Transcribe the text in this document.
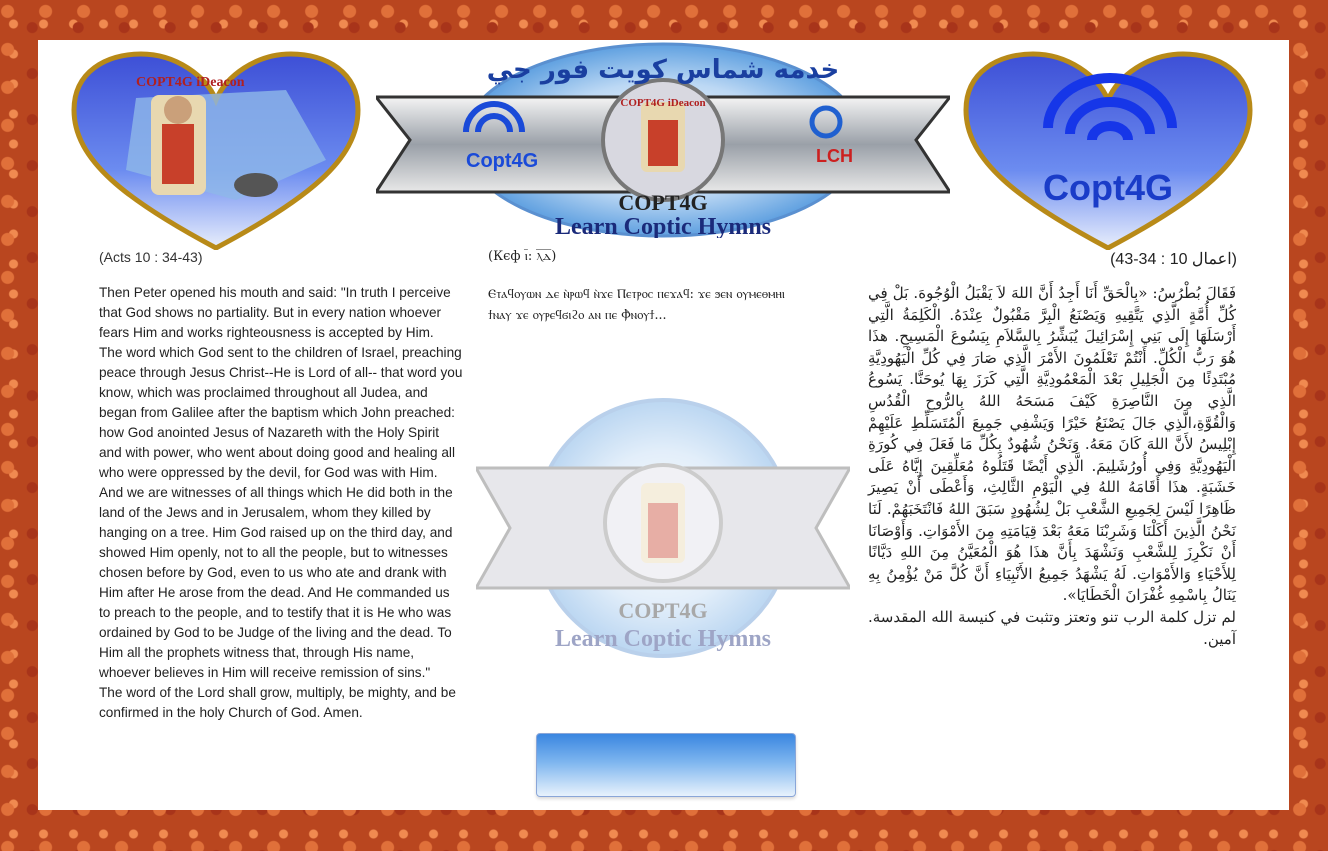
COPT4G iDeacon	خدمه شماس كويت فور جي
COPT4G iDeacon
Copt4G	LCH
COPT4G
Learn Coptic Hymns
Copt4G
(Acts 10 : 34-43)	(Кєф ⲓ̅: ⲗ̅ⲇ̅)	(اعمال 10 : 34-43)

Then Peter opened his mouth and said: "In truth I perceive that God shows no partiality. But in every nation whoever fears Him and works righteousness is accepted by Him.

The word which God sent to the children of Israel, preaching peace through Jesus Christ--He is Lord of all-- that word you know, which was proclaimed throughout all Judea, and began from Galilee after the baptism which John preached: how God anointed Jesus of Nazareth with the Holy Spirit and with power, who went about doing good and healing all who were oppressed by the devil, for God was with Him. And we are witnesses of all things which He did both in the land of the Jews and in Jerusalem, whom they killed by hanging on a tree. Him God raised up on the third day, and showed Him openly, not to all the people, but to witnesses chosen before by God, even to us who ate and drank with Him after He arose from the dead. And He commanded us to preach to the people, and to testify that it is He who was ordained by God to be Judge of the living and the dead. To Him all the prophets witness that, through His name, whoever believes in Him will receive remission of sins."

The word of the Lord shall grow, multiply, be mighty, and be confirmed in the holy Church of God. Amen.

Ⲉⲧⲁϥⲟⲩⲱⲛ ⲇⲉ ⲛ̀ⲣⲱϥ ⲛ̀ϫⲉ Ⲡⲉⲧⲣⲟⲥ ⲡⲉϫⲁϥ: ϫⲉ ϧⲉⲛ ⲟⲩⲙⲉⲑⲙⲏⲓ ϯⲛⲁⲩ ϫⲉ ⲟⲩⲣⲉϥϭⲓϩⲟ ⲁⲛ ⲡⲉ Ⲫ̀ⲛⲟⲩϯ...
COPT4G
Learn Coptic Hymns

فَقَالَ بُطْرُسُ: «بِالْحَقِّ أَنَا أَجِدُ أَنَّ اللهَ لاَ يَقْبَلُ الْوُجُوهَ. بَلْ فِي كُلِّ أُمَّةٍ الَّذِي يَتَّقِيهِ وَيَصْنَعُ الْبِرَّ مَقْبُولٌ عِنْدَهُ. الْكَلِمَةُ الَّتِي أَرْسَلَهَا إِلَى بَنِي إِسْرَائِيلَ يُبَشِّرُ بِالسَّلاَمِ بِيَسُوعَ الْمَسِيحِ. هذَا هُوَ رَبُّ الْكُلِّ. أَنْتُمْ تَعْلَمُونَ الأَمْرَ الَّذِي صَارَ فِي كُلِّ الْيَهُودِيَّةِ مُبْتَدِئًا مِنَ الْجَلِيلِ بَعْدَ الْمَعْمُودِيَّةِ الَّتِي كَرَزَ بِهَا يُوحَنَّا. يَسُوعُ الَّذِي مِنَ النَّاصِرَةِ كَيْفَ مَسَحَهُ اللهُ بِالرُّوحِ الْقُدُسِ وَالْقُوَّةِ،الَّذِي جَالَ يَصْنَعُ خَيْرًا وَيَشْفِي جَمِيعَ الْمُتَسَلِّطِ عَلَيْهِمْ إِبْلِيسُ لأَنَّ اللهَ كَانَ مَعَهُ. وَنَحْنُ شُهُودٌ بِكُلِّ مَا فَعَلَ فِي كُورَةِ الْيَهُودِيَّةِ وَفِي أُورُشَلِيمَ. الَّذِي أَيْضًا قَتَلُوهُ مُعَلِّقِينَ إِيَّاهُ عَلَى خَشَبَةٍ. هذَا أَقَامَهُ اللهُ فِي الْيَوْمِ الثَّالِثِ، وَأَعْطَى أَنْ يَصِيرَ ظَاهِرًا لَيْسَ لِجَمِيعِ الشَّعْبِ بَلْ لِشُهُودٍ سَبَقَ اللهُ فَانْتَخَبَهُمْ. لَنَا نَحْنُ الَّذِينَ أَكَلْنَا وَشَرِبْنَا مَعَهُ بَعْدَ قِيَامَتِهِ مِنَ الأَمْوَاتِ. وَأَوْصَانَا أَنْ نَكْرِزَ لِلشَّعْبِ وَنَشْهَدَ بِأَنَّ هذَا هُوَ الْمُعَيَّنُ مِنَ اللهِ دَيَّانًا لِلأَحْيَاءِ وَالأَمْوَاتِ. لَهُ يَشْهَدُ جَمِيعُ الأَنْبِيَاءِ أَنَّ كُلَّ مَنْ يُؤْمِنُ بِهِ يَنَالُ بِاسْمِهِ غُفْرَانَ الْخَطَايَا».

لم تزل كلمة الرب تنو وتعتز وتثبت في كنيسة الله المقدسة. آمين.
